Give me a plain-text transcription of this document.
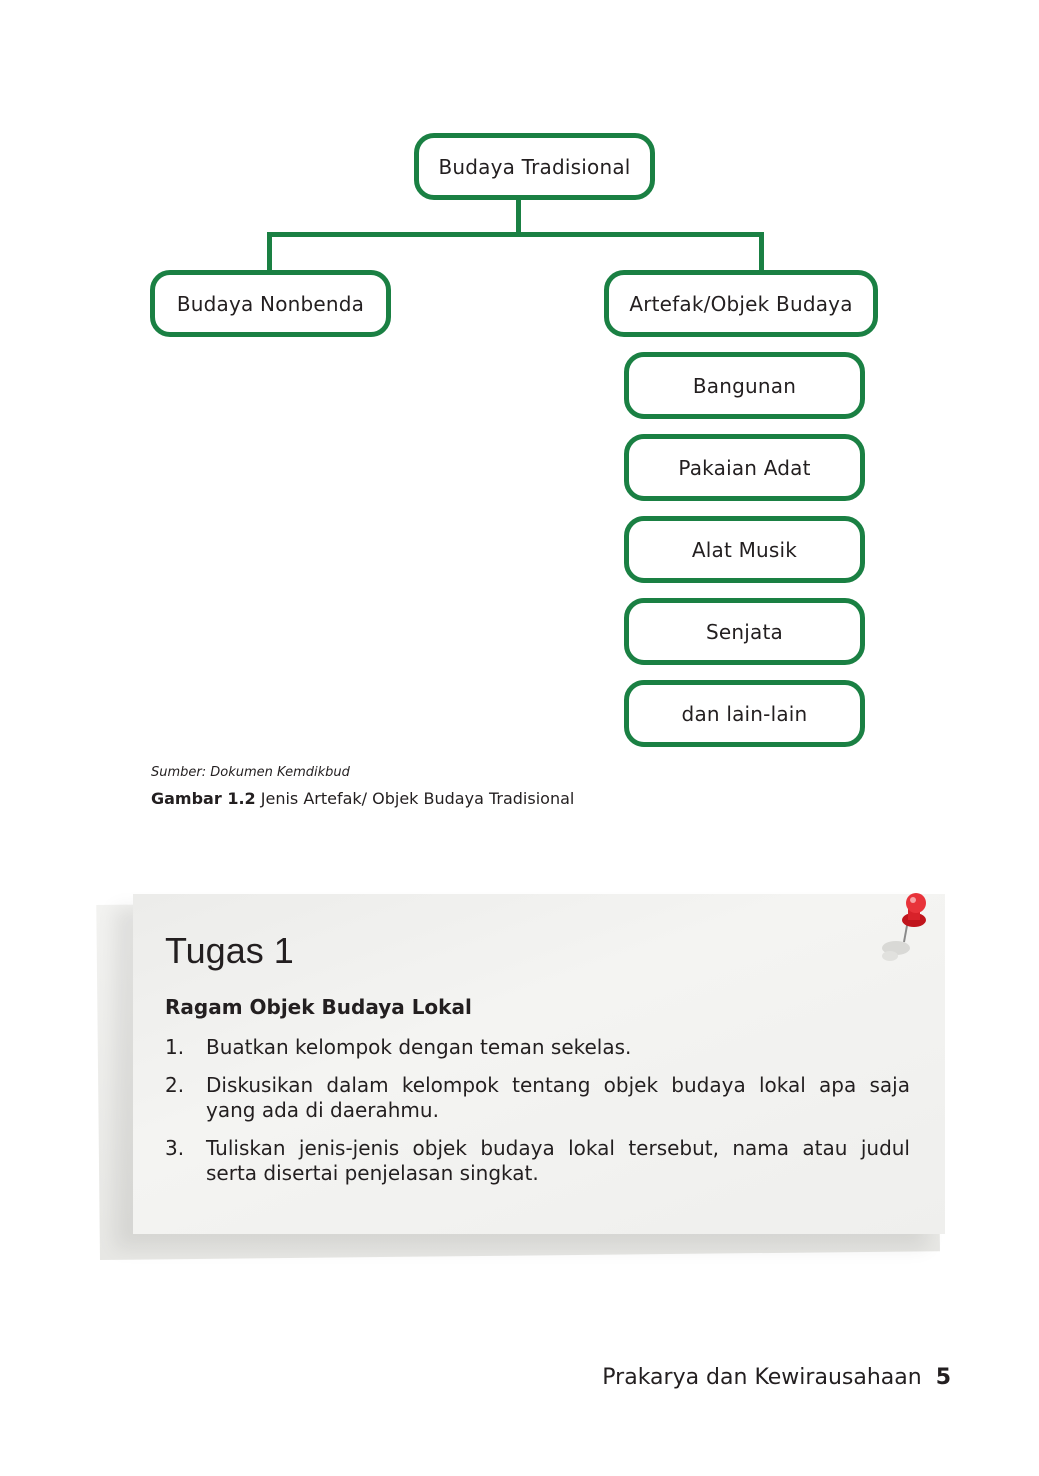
Budaya Tradisional
Budaya Nonbenda	Artefak/Objek Budaya
Bangunan
Pakaian Adat
Alat Musik
Senjata
dan lain-lain
Sumber: Dokumen Kemdikbud
Gambar 1.2 Jenis Artefak/ Objek Budaya Tradisional
Tugas 1
Ragam Objek Budaya Lokal
1.	Buatkan kelompok dengan teman sekelas.
2.	Diskusikan dalam kelompok tentang objek budaya lokal apa saja yang ada di daerahmu.
3.	Tuliskan jenis-jenis objek budaya lokal tersebut, nama atau judul serta disertai penjelasan singkat.
Prakarya dan Kewirausahaan 5
